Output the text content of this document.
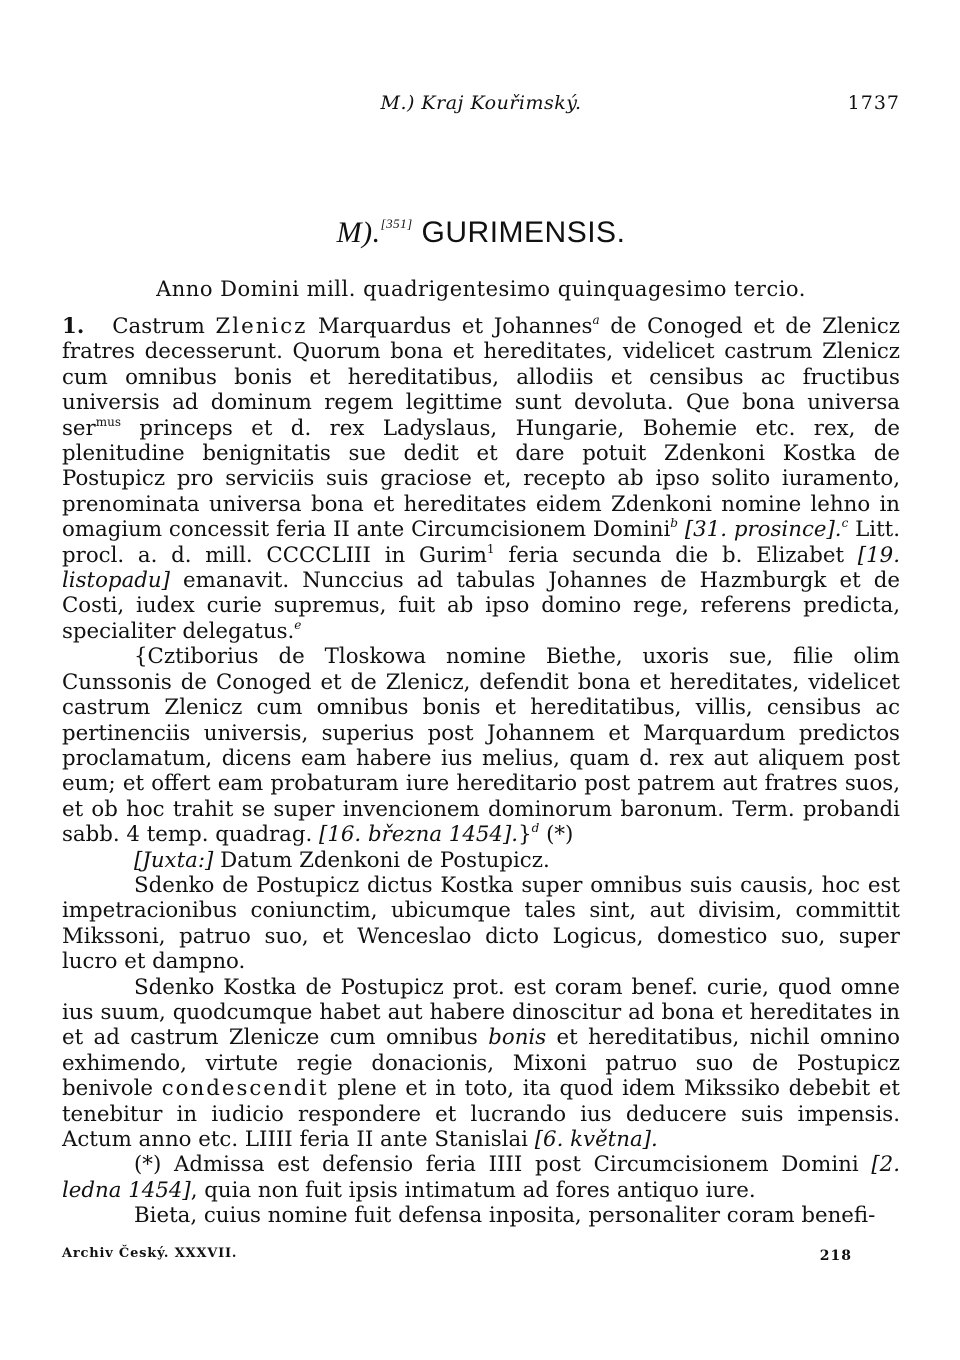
M.) Kraj Kouřimský.	1737
M).[351] GURIMENSIS.
Anno Domini mill. quadrigentesimo quinquagesimo tercio.

1. Castrum Zlenicz Marquardus et Johannes$^a$ de Conoged et de Zlenicz fratres decesserunt. Quorum bona et hereditates, videlicet castrum Zlenicz cum omnibus bonis et hereditatibus, allodiis et censibus ac fructibus universis ad dominum regem legittime sunt devoluta. Que bona universa ser$^{mus}$ princeps et d. rex Ladyslaus, Hungarie, Bohemie etc. rex, de plenitudine benignitatis sue dedit et dare potuit Zdenkoni Kostka de Postupicz pro serviciis suis graciose et, recepto ab ipso solito iuramento, prenominata universa bona et hereditates eidem Zdenkoni nomine lehno in omagium concessit feria II ante Circumcisionem Domini$^b$ [31. prosince].$^c$ Litt. procl. a. d. mill. CCCCLIII in Gurim$^1$ feria secunda die b. Elizabet [19. listopadu] emanavit. Nunccius ad tabulas Johannes de Hazmburgk et de Costi, iudex curie supremus, fuit ab ipso domino rege, referens predicta, specialiter delegatus.$^e$

{Cztiborius de Tloskowa nomine Biethe, uxoris sue, filie olim Cunssonis de Conoged et de Zlenicz, defendit bona et hereditates, videlicet castrum Zlenicz cum omnibus bonis et hereditatibus, villis, censibus ac pertinenciis universis, superius post Johannem et Marquardum predictos proclamatum, dicens eam habere ius melius, quam d. rex aut aliquem post eum; et offert eam probaturam iure hereditario post patrem aut fratres suos, et ob hoc trahit se super invencionem dominorum baronum. Term. probandi sabb. 4 temp. quadrag. [16. března 1454].}$^d$ (*)

[Juxta:] Datum Zdenkoni de Postupicz.

Sdenko de Postupicz dictus Kostka super omnibus suis causis, hoc est impetracionibus coniunctim, ubicumque tales sint, aut divisim, committit Mikssoni, patruo suo, et Wenceslao dicto Logicus, domestico suo, super lucro et dampno.

Sdenko Kostka de Postupicz prot. est coram benef. curie, quod omne ius suum, quodcumque habet aut habere dinoscitur ad bona et hereditates in et ad castrum Zlenicze cum omnibus bonis et hereditatibus, nichil omnino exhimendo, virtute regie donacionis, Mixoni patruo suo de Postupicz benivole condescendit plene et in toto, ita quod idem Mikssiko debebit et tenebitur in iudicio respondere et lucrando ius deducere suis impensis. Actum anno etc. LIIII feria II ante Stanislai [6. května].

(*) Admissa est defensio feria IIII post Circumcisionem Domini [2. ledna 1454], quia non fuit ipsis intimatum ad fores antiquo iure.

Bieta, cuius nomine fuit defensa inposita, personaliter coram benefi-

Archiv Český. XXXVII.	218
